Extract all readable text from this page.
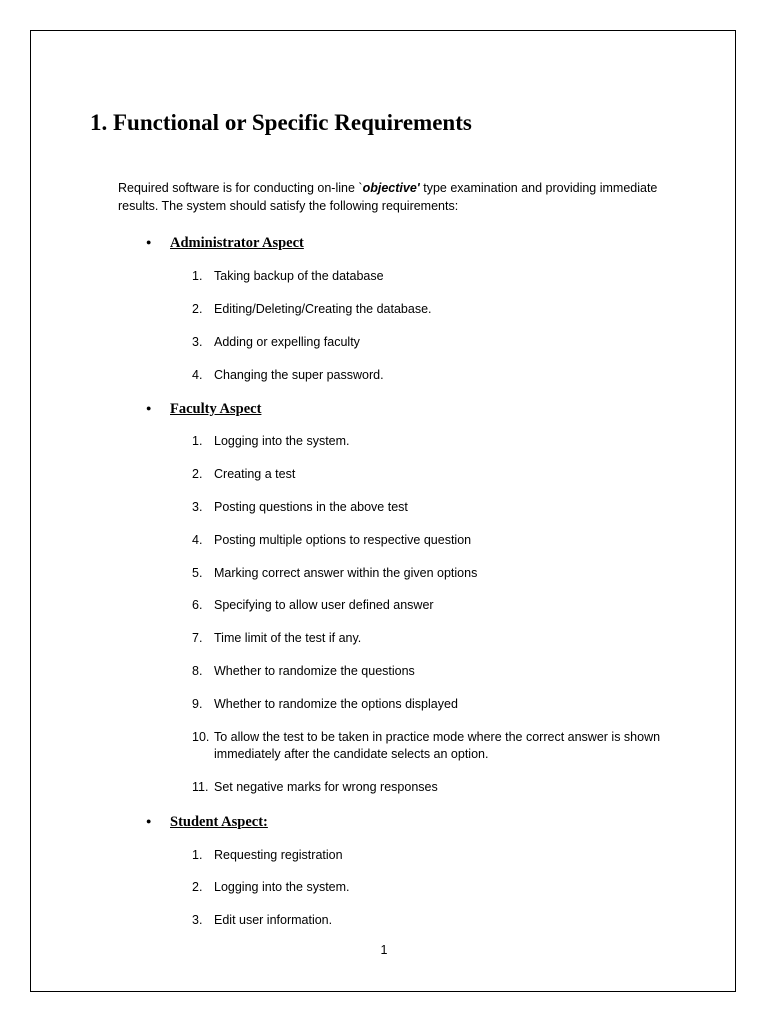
1. Functional or Specific Requirements

Required software is for conducting on-line `objective' type examination and providing immediate results. The system should satisfy the following requirements:

● Administrator Aspect
1. Taking backup of the database
2. Editing/Deleting/Creating the database.
3. Adding or expelling faculty
4. Changing the super password.
● Faculty Aspect
1. Logging into the system.
2. Creating a test
3. Posting questions in the above test
4. Posting multiple options to respective question
5. Marking correct answer within the given options
6. Specifying to allow user defined answer
7. Time limit of the test if any.
8. Whether to randomize the questions
9. Whether to randomize the options displayed
10. To allow the test to be taken in practice mode where the correct answer is shown immediately after the candidate selects an option.
11. Set negative marks for wrong responses
● Student Aspect:
1. Requesting registration
2. Logging into the system.
3. Edit user information.
1
